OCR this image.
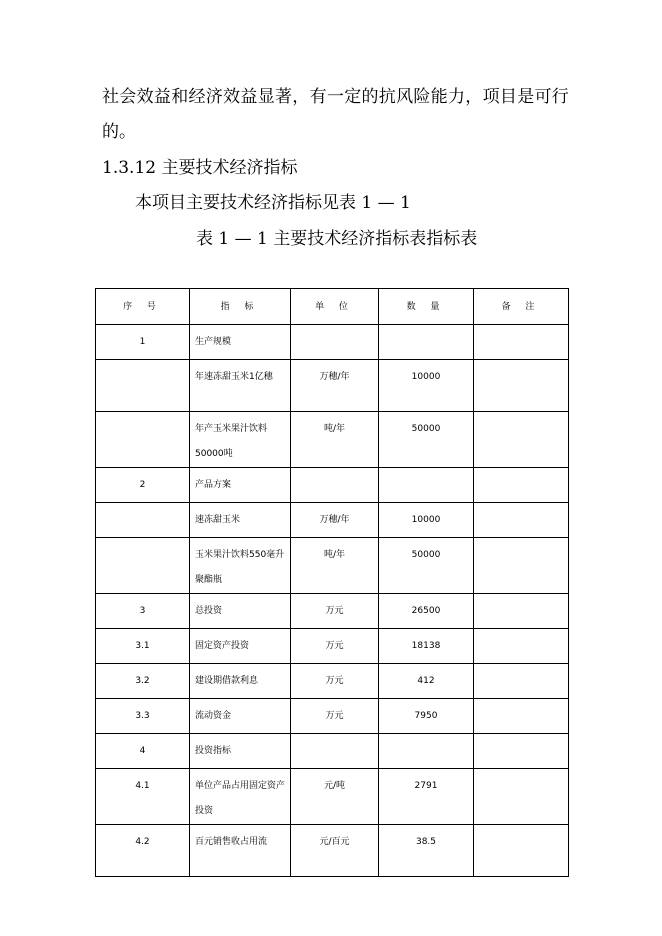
社会效益和经济效益显著，有一定的抗风险能力，项目是可行
的。
1.3.12 主要技术经济指标
本项目主要技术经济指标见表 1 — 1
表 1 — 1 主要技术经济指标表指标表
序 号	指 标	单 位	数 量	备 注

1	生产规模			

	年速冻甜玉米1亿穗	万穗/年	10000	

	年产玉米果汁饮料50000吨	吨/年	50000	

2	产品方案			

	速冻甜玉米	万穗/年	10000	

	玉米果汁饮料550毫升聚酯瓶	吨/年	50000	

3	总投资	万元	26500	

3.1	固定资产投资	万元	18138	

3.2	建设期借款利息	万元	412	

3.3	流动资金	万元	7950	

4	投资指标			

4.1	单位产品占用固定资产投资	元/吨	2791	

4.2	百元销售收占用流	元/百元	38.5	
